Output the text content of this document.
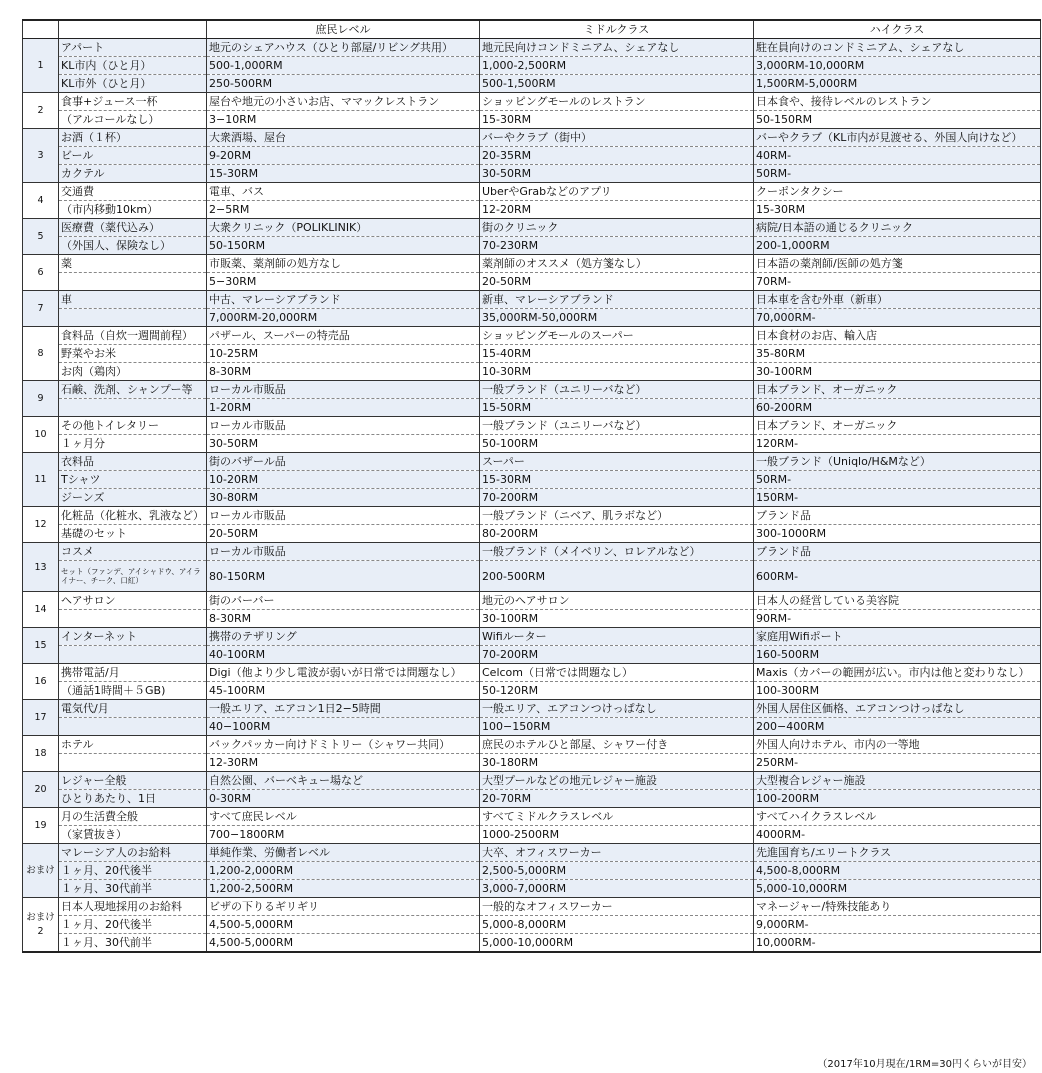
		庶民レベル	ミドルクラス	ハイクラス
1	アパート	地元のシェアハウス（ひとり部屋/リビング共用）	地元民向けコンドミニアム、シェアなし	駐在員向けのコンドミニアム、シェアなし
	KL市内（ひと月）	500-1,000RM	1,000-2,500RM	3,000RM-10,000RM
	KL市外（ひと月）	250-500RM	500-1,500RM	1,500RM-5,000RM
2	食事+ジュース一杯	屋台や地元の小さいお店、ママックレストラン	ショッピングモールのレストラン	日本食や、接待レベルのレストラン
	（アルコールなし）	3−10RM	15-30RM	50-150RM
3	お酒（１杯）	大衆酒場、屋台	バーやクラブ（街中）	バーやクラブ（KL市内が見渡せる、外国人向けなど）
	ビール	9-20RM	20-35RM	40RM-
	カクテル	15-30RM	30-50RM	50RM-
4	交通費	電車、バス	UberやGrabなどのアプリ	クーポンタクシー
	（市内移動10km）	2−5RM	12-20RM	15-30RM
5	医療費（薬代込み）	大衆クリニック（POLIKLINIK）	街のクリニック	病院/日本語の通じるクリニック
	（外国人、保険なし）	50-150RM	70-230RM	200-1,000RM
6	薬	市販薬、薬剤師の処方なし	薬剤師のオススメ（処方箋なし）	日本語の薬剤師/医師の処方箋
		5−30RM	20-50RM	70RM-
7	車	中古、マレーシアブランド	新車、マレーシアブランド	日本車を含む外車（新車）
		7,000RM-20,000RM	35,000RM-50,000RM	70,000RM-
8	食料品（自炊一週間前程）	パザール、スーパーの特売品	ショッピングモールのスーパー	日本食材のお店、輸入店
	野菜やお米	10-25RM	15-40RM	35-80RM
	お肉（鶏肉）	8-30RM	10-30RM	30-100RM
9	石鹸、洗剤、シャンプー等	ローカル市販品	一般ブランド（ユニリーバなど）	日本ブランド、オーガニック
		1-20RM	15-50RM	60-200RM
10	その他トイレタリー	ローカル市販品	一般ブランド（ユニリーバなど）	日本ブランド、オーガニック
	１ヶ月分	30-50RM	50-100RM	120RM-
11	衣料品	街のバザール品	スーパー	一般ブランド（Uniqlo/H&Mなど）
	Tシャツ	10-20RM	15-30RM	50RM-
	ジーンズ	30-80RM	70-200RM	150RM-
12	化粧品（化粧水、乳液など）	ローカル市販品	一般ブランド（ニベア、肌ラボなど）	ブランド品
	基礎のセット	20-50RM	80-200RM	300-1000RM
13	コスメ	ローカル市販品	一般ブランド（メイベリン、ロレアルなど）	ブランド品
	セット（ファンデ、アイシャドウ、アイライナー、チーク、口紅）	80-150RM	200-500RM	600RM-
14	ヘアサロン	街のバーバー	地元のヘアサロン	日本人の経営している美容院
		8-30RM	30-100RM	90RM-
15	インターネット	携帯のテザリング	Wifiルーター	家庭用Wifiポート
		40-100RM	70-200RM	160-500RM
16	携帯電話/月	Digi（他より少し電波が弱いが日常では問題なし）	Celcom（日常では問題なし）	Maxis（カバーの範囲が広い。市内は他と変わりなし）
	（通話1時間＋５GB)	45-100RM	50-120RM	100-300RM
17	電気代/月	一般エリア、エアコン1日2−5時間	一般エリア、エアコンつけっぱなし	外国人居住区価格、エアコンつけっぱなし
		40−100RM	100−150RM	200−400RM
18	ホテル	バックパッカー向けドミトリー（シャワー共同）	庶民のホテルひと部屋、シャワー付き	外国人向けホテル、市内の一等地
		12-30RM	30-180RM	250RM-
20	レジャー全般	自然公園、バーベキュー場など	大型プールなどの地元レジャー施設	大型複合レジャー施設
	ひとりあたり、1日	0-30RM	20-70RM	100-200RM
19	月の生活費全般	すべて庶民レベル	すべてミドルクラスレベル	すべてハイクラスレベル
	（家賃抜き）	700−1800RM	1000-2500RM	4000RM-
おまけ	マレーシア人のお給料	単純作業、労働者レベル	大卒、オフィスワーカー	先進国育ち/エリートクラス
	１ヶ月、20代後半	1,200-2,000RM	2,500-5,000RM	4,500-8,000RM
	１ヶ月、30代前半	1,200-2,500RM	3,000-7,000RM	5,000-10,000RM
おまけ2	日本人現地採用のお給料	ビザの下りるギリギリ	一般的なオフィスワーカー	マネージャー/特殊技能あり
	１ヶ月、20代後半	4,500-5,000RM	5,000-8,000RM	9,000RM-
	１ヶ月、30代前半	4,500-5,000RM	5,000-10,000RM	10,000RM-
（2017年10月現在/1RM=30円くらいが目安）
